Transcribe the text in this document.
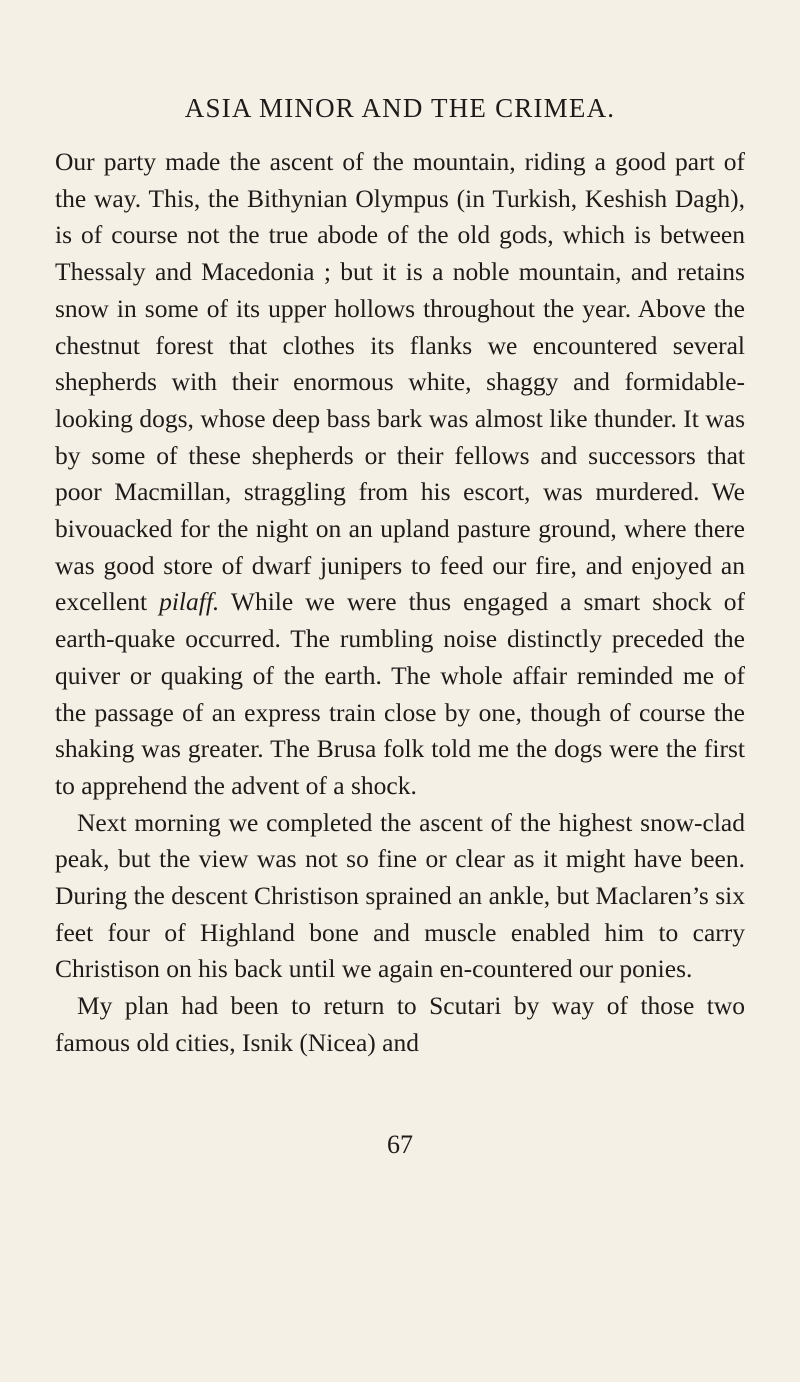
ASIA MINOR AND THE CRIMEA.

Our party made the ascent of the mountain, riding a good part of the way. This, the Bithynian Olympus (in Turkish, Keshish Dagh), is of course not the true abode of the old gods, which is between Thessaly and Macedonia ; but it is a noble mountain, and retains snow in some of its upper hollows throughout the year. Above the chestnut forest that clothes its flanks we encountered several shepherds with their enormous white, shaggy and formidable-looking dogs, whose deep bass bark was almost like thunder. It was by some of these shepherds or their fellows and successors that poor Macmillan, straggling from his escort, was murdered. We bivouacked for the night on an upland pasture ground, where there was good store of dwarf junipers to feed our fire, and enjoyed an excellent pilaff. While we were thus engaged a smart shock of earth-quake occurred. The rumbling noise distinctly preceded the quiver or quaking of the earth. The whole affair reminded me of the passage of an express train close by one, though of course the shaking was greater. The Brusa folk told me the dogs were the first to apprehend the advent of a shock.

Next morning we completed the ascent of the highest snow-clad peak, but the view was not so fine or clear as it might have been. During the descent Christison sprained an ankle, but Maclaren’s six feet four of Highland bone and muscle enabled him to carry Christison on his back until we again en-countered our ponies.

My plan had been to return to Scutari by way of those two famous old cities, Isnik (Nicea) and

67
